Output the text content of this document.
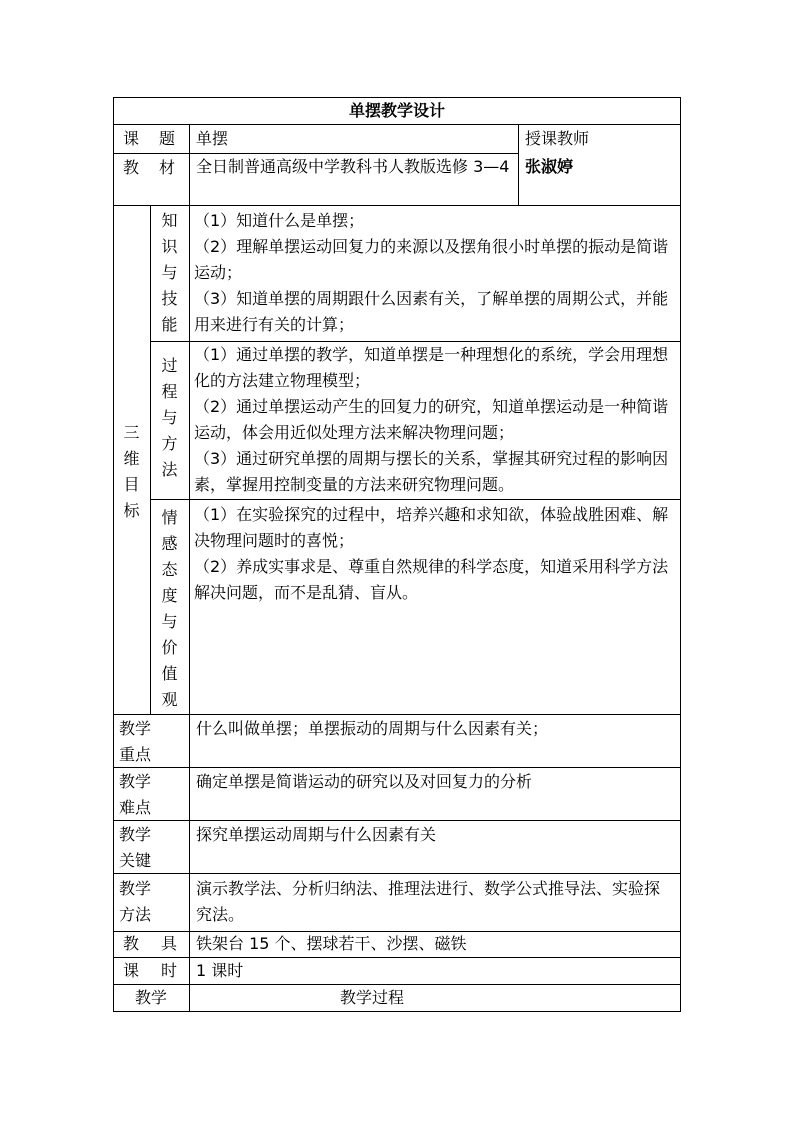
单摆教学设计
课 题 单摆	授课教师
教 材 全日制普通高级中学教科书人教版选修 3—4 张淑婷
三
维
目
标
知
识
与
技
能

（1）知道什么是单摆；

（2）理解单摆运动回复力的来源以及摆角很小时单摆的振动是简谐运动；

（3）知道单摆的周期跟什么因素有关，了解单摆的周期公式，并能用来进行有关的计算；

过
程
与
方
法

（1）通过单摆的教学，知道单摆是一种理想化的系统，学会用理想化的方法建立物理模型；

（2）通过单摆运动产生的回复力的研究，知道单摆运动是一种简谐运动，体会用近似处理方法来解决物理问题；

（3）通过研究单摆的周期与摆长的关系，掌握其研究过程的影响因素，掌握用控制变量的方法来研究物理问题。

情
感
态
度
与
价
值
观

（1）在实验探究的过程中，培养兴趣和求知欲，体验战胜困难、解决物理问题时的喜悦；

（2）养成实事求是、尊重自然规律的科学态度，知道采用科学方法解决问题，而不是乱猜、盲从。

教学

重点

什么叫做单摆；单摆振动的周期与什么因素有关；

教学

难点

确定单摆是简谐运动的研究以及对回复力的分析

教学

关键

探究单摆运动周期与什么因素有关

教学

方法

演示教学法、分析归纳法、推理法进行、数学公式推导法、实验探究法。
教 具 铁架台 15 个、摆球若干、沙摆、磁铁
课 时 1 课时
教学	教学过程
